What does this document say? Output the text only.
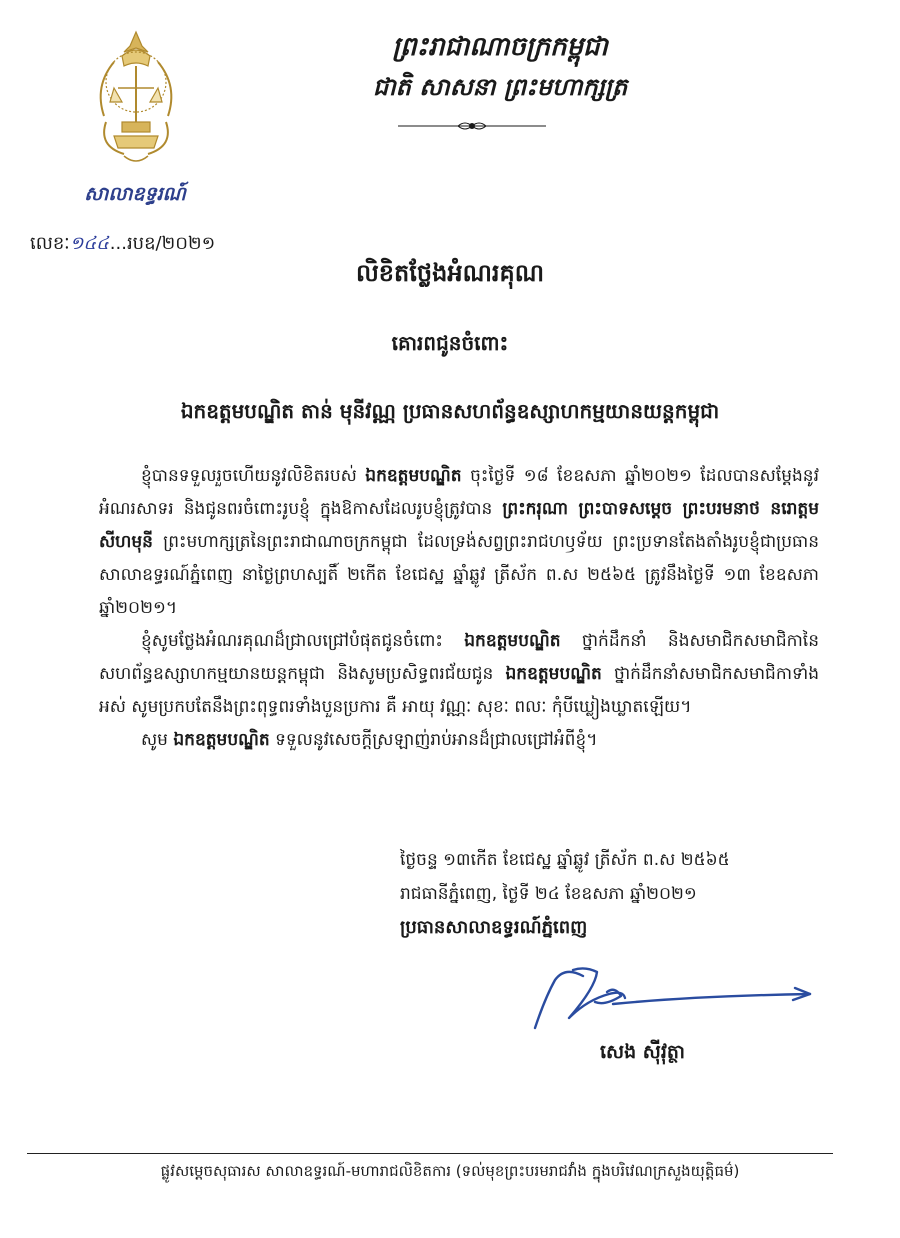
សាលាឧទ្ធរណ៍
លេខៈ១៤៤...របឧ/២០២១
ព្រះរាជាណាចក្រកម្ពុជា
ជាតិ សាសនា ព្រះមហាក្សត្រ
លិខិតថ្លែងអំណរគុណ
គោរពជូនចំពោះ
ឯកឧត្តមបណ្ឌិត តាន់ មុនីវណ្ណ ប្រធានសហព័ន្ធឧស្សាហកម្មយានយន្តកម្ពុជា

ខ្ញុំបានទទួលរួចហើយនូវលិខិតរបស់ ឯកឧត្តមបណ្ឌិត ចុះថ្ងៃទី ១៨ ខែឧសភា ឆ្នាំ២០២១ ដែលបានសម្តែងនូវអំណរសាទរ និងជូនពរចំពោះរូបខ្ញុំ ក្នុងឱកាសដែលរូបខ្ញុំត្រូវបាន ព្រះករុណា ព្រះបាទសម្តេច ព្រះបរមនាថ នរោត្តម សីហមុនី ព្រះមហាក្សត្រនៃព្រះរាជាណាចក្រកម្ពុជា ដែលទ្រង់សព្វព្រះរាជហឫទ័យ ព្រះប្រទានតែងតាំងរូបខ្ញុំជាប្រធានសាលាឧទ្ធរណ៍ភ្នំពេញ នាថ្ងៃព្រហស្បតិ៍ ២កើត ខែជេស្ឋ ឆ្នាំឆ្លូវ ត្រីស័ក ព.ស ២៥៦៥ ត្រូវនឹងថ្ងៃទី ១៣ ខែឧសភា ឆ្នាំ២០២១។

ខ្ញុំសូមថ្លែងអំណរគុណដ៏ជ្រាលជ្រៅបំផុតជូនចំពោះ ឯកឧត្តមបណ្ឌិត ថ្នាក់ដឹកនាំ និងសមាជិកសមាជិកានៃសហព័ន្ធឧស្សាហកម្មយានយន្តកម្ពុជា និងសូមប្រសិទ្ធពរជ័យជូន ឯកឧត្តមបណ្ឌិត ថ្នាក់ដឹកនាំសមាជិកសមាជិកាទាំងអស់ សូមប្រកបតែនឹងព្រះពុទ្ធពរទាំងបួនប្រការ គឺ អាយុ វណ្ណៈ សុខៈ ពលៈ កុំបីឃ្លៀងឃ្លាតឡើយ។

សូម ឯកឧត្តមបណ្ឌិត ទទួលនូវសេចក្តីស្រឡាញ់រាប់អានដ៏ជ្រាលជ្រៅអំពីខ្ញុំ។

ថ្ងៃចន្ទ ១៣កើត ខែជេស្ឋ ឆ្នាំឆ្លូវ ត្រីស័ក ព.ស ២៥៦៥
រាជធានីភ្នំពេញ, ថ្ងៃទី ២៤ ខែឧសភា ឆ្នាំ២០២១
ប្រធានសាលាឧទ្ធរណ៍ភ្នំពេញ
សេង ស៊ីវុត្ថា
ផ្លូវសម្តេចសុធារស សាលាឧទ្ធរណ៍-មហារាជលិខិតការ (ទល់មុខព្រះបរមរាជវាំង ក្នុងបរិវេណក្រសួងយុត្តិធម៌)
